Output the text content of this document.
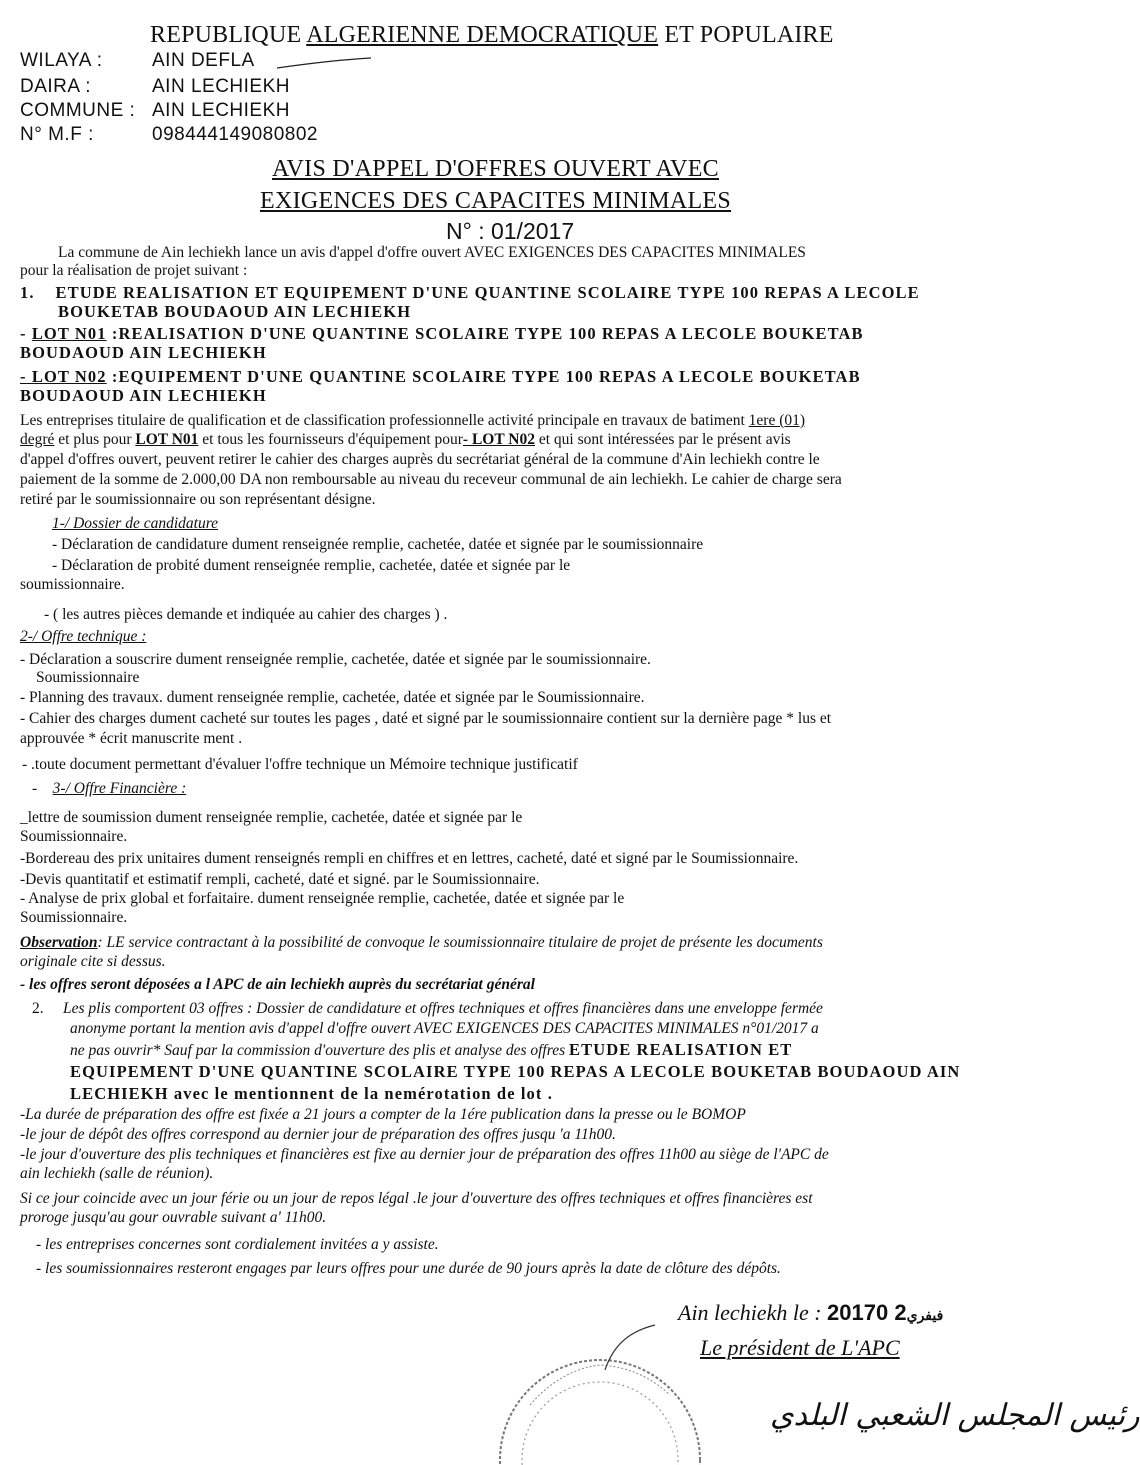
REPUBLIQUE ALGERIENNE DEMOCRATIQUE ET POPULAIRE
WILAYA :	AIN DEFLA
DAIRA :	AIN LECHIEKH
COMMUNE : AIN LECHIEKH
N° M.F :	098444149080802
AVIS D'APPEL D'OFFRES OUVERT AVEC
EXIGENCES DES CAPACITES MINIMALES
N° : 01/2017
La commune de Ain lechiekh lance un avis d'appel d'offre ouvert AVEC EXIGENCES DES CAPACITES MINIMALES
pour la réalisation de projet suivant :
1. ETUDE REALISATION ET EQUIPEMENT D'UNE QUANTINE SCOLAIRE TYPE 100 REPAS A LECOLE
BOUKETAB BOUDAOUD AIN LECHIEKH
- LOT N01 :REALISATION D'UNE QUANTINE SCOLAIRE TYPE 100 REPAS A LECOLE BOUKETAB
BOUDAOUD AIN LECHIEKH
- LOT N02 :EQUIPEMENT D'UNE QUANTINE SCOLAIRE TYPE 100 REPAS A LECOLE BOUKETAB
BOUDAOUD AIN LECHIEKH
Les entreprises titulaire de qualification et de classification professionnelle activité principale en travaux de batiment 1ere (01)
degré et plus pour LOT N01 et tous les fournisseurs d'équipement pour- LOT N02 et qui sont intéressées par le présent avis
d'appel d'offres ouvert, peuvent retirer le cahier des charges auprès du secrétariat général de la commune d'Ain lechiekh contre le
paiement de la somme de 2.000,00 DA non remboursable au niveau du receveur communal de ain lechiekh. Le cahier de charge sera
retiré par le soumissionnaire ou son représentant désigne.
1-/ Dossier de candidature
- Déclaration de candidature dument renseignée remplie, cachetée, datée et signée par le soumissionnaire
- Déclaration de probité dument renseignée remplie, cachetée, datée et signée par le
soumissionnaire.
- ( les autres pièces demande et indiquée au cahier des charges ) .
2-/ Offre technique :
- Déclaration a souscrire dument renseignée remplie, cachetée, datée et signée par le soumissionnaire.
Soumissionnaire
- Planning des travaux. dument renseignée remplie, cachetée, datée et signée par le Soumissionnaire.
- Cahier des charges dument cacheté sur toutes les pages , daté et signé par le soumissionnaire contient sur la dernière page * lus et
approuvée * écrit manuscrite ment .
- .toute document permettant d'évaluer l'offre technique un Mémoire technique justificatif
- 3-/ Offre Financière :
_lettre de soumission dument renseignée remplie, cachetée, datée et signée par le
Soumissionnaire.
-Bordereau des prix unitaires dument renseignés rempli en chiffres et en lettres, cacheté, daté et signé par le Soumissionnaire.
-Devis quantitatif et estimatif rempli, cacheté, daté et signé. par le Soumissionnaire.
- Analyse de prix global et forfaitaire. dument renseignée remplie, cachetée, datée et signée par le
Soumissionnaire.
Observation: LE service contractant à la possibilité de convoque le soumissionnaire titulaire de projet de présente les documents
originale cite si dessus.
- les offres seront déposées a l APC de ain lechiekh auprès du secrétariat général
2. Les plis comportent 03 offres : Dossier de candidature et offres techniques et offres financières dans une enveloppe fermée
anonyme portant la mention avis d'appel d'offre ouvert AVEC EXIGENCES DES CAPACITES MINIMALES n°01/2017 a
ne pas ouvrir* Sauf par la commission d'ouverture des plis et analyse des offres ETUDE REALISATION ET
EQUIPEMENT D'UNE QUANTINE SCOLAIRE TYPE 100 REPAS A LECOLE BOUKETAB BOUDAOUD AIN
LECHIEKH avec le mentionnent de la nemérotation de lot .
-La durée de préparation des offre est fixée a 21 jours a compter de la 1ére publication dans la presse ou le BOMOP
-le jour de dépôt des offres correspond au dernier jour de préparation des offres jusqu 'a 11h00.
-le jour d'ouverture des plis techniques et financières est fixe au dernier jour de préparation des offres 11h00 au siège de l'APC de
ain lechiekh (salle de réunion).
Si ce jour coincide avec un jour férie ou un jour de repos légal .le jour d'ouverture des offres techniques et offres financières est
proroge jusqu'au gour ouvrable suivant a' 11h00.
- les entreprises concernes sont cordialement invitées a y assiste.
- les soumissionnaires resteront engages par leurs offres pour une durée de 90 jours après la date de clôture des dépôts.
Ain lechiekh le : 2017 فيفري2 0
Le président de L'APC
رئيس المجلس الشعبي البلدي
